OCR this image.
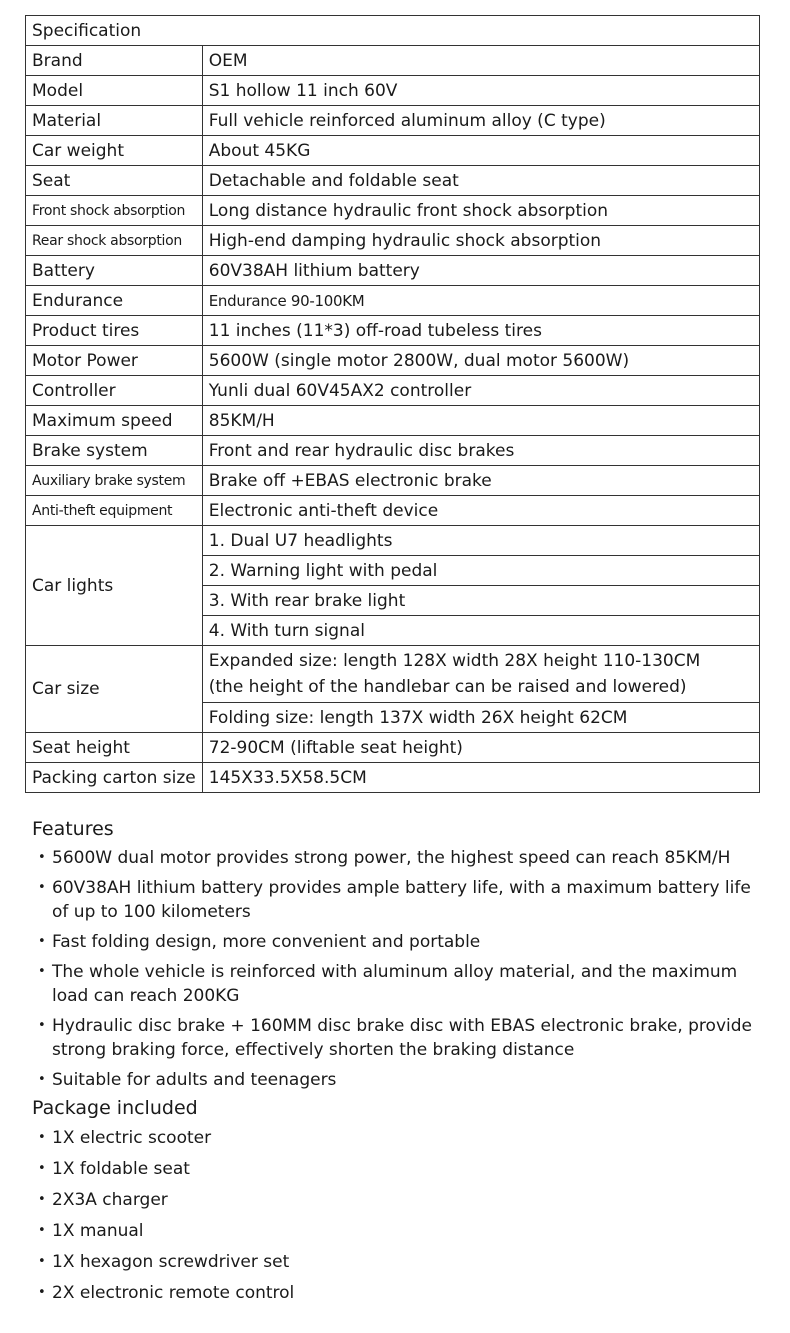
Specification	
Brand	OEM
Model	S1 hollow 11 inch 60V
Material	Full vehicle reinforced aluminum alloy (C type)
Car weight	About 45KG
Seat	Detachable and foldable seat
Front shock absorption	Long distance hydraulic front shock absorption
Rear shock absorption	High-end damping hydraulic shock absorption
Battery	60V38AH lithium battery
Endurance	Endurance 90-100KM
Product tires	11 inches (11*3) off-road tubeless tires
Motor Power	5600W (single motor 2800W, dual motor 5600W)
Controller	Yunli dual 60V45AX2 controller
Maximum speed	85KM/H
Brake system	Front and rear hydraulic disc brakes
Auxiliary brake system	Brake off +EBAS electronic brake
Anti-theft equipment	Electronic anti-theft device
Car lights	1. Dual U7 headlights
	2. Warning light with pedal
	3. With rear brake light
	4. With turn signal
Car size	Expanded size: length 128X width 28X height 110-130CM
(the height of the handlebar can be raised and lowered)
	Folding size: length 137X width 26X height 62CM
Seat height	72-90CM (liftable seat height)
Packing carton size	145X33.5X58.5CM
Features
• 5600W dual motor provides strong power, the highest speed can reach 85KM/H
• 60V38AH lithium battery provides ample battery life, with a maximum battery life of up to 100 kilometers
• Fast folding design, more convenient and portable
• The whole vehicle is reinforced with aluminum alloy material, and the maximum load can reach 200KG
• Hydraulic disc brake + 160MM disc brake disc with EBAS electronic brake, provide strong braking force, effectively shorten the braking distance
• Suitable for adults and teenagers
Package included
• 1X electric scooter
• 1X foldable seat
• 2X3A charger
• 1X manual
• 1X hexagon screwdriver set
• 2X electronic remote control
